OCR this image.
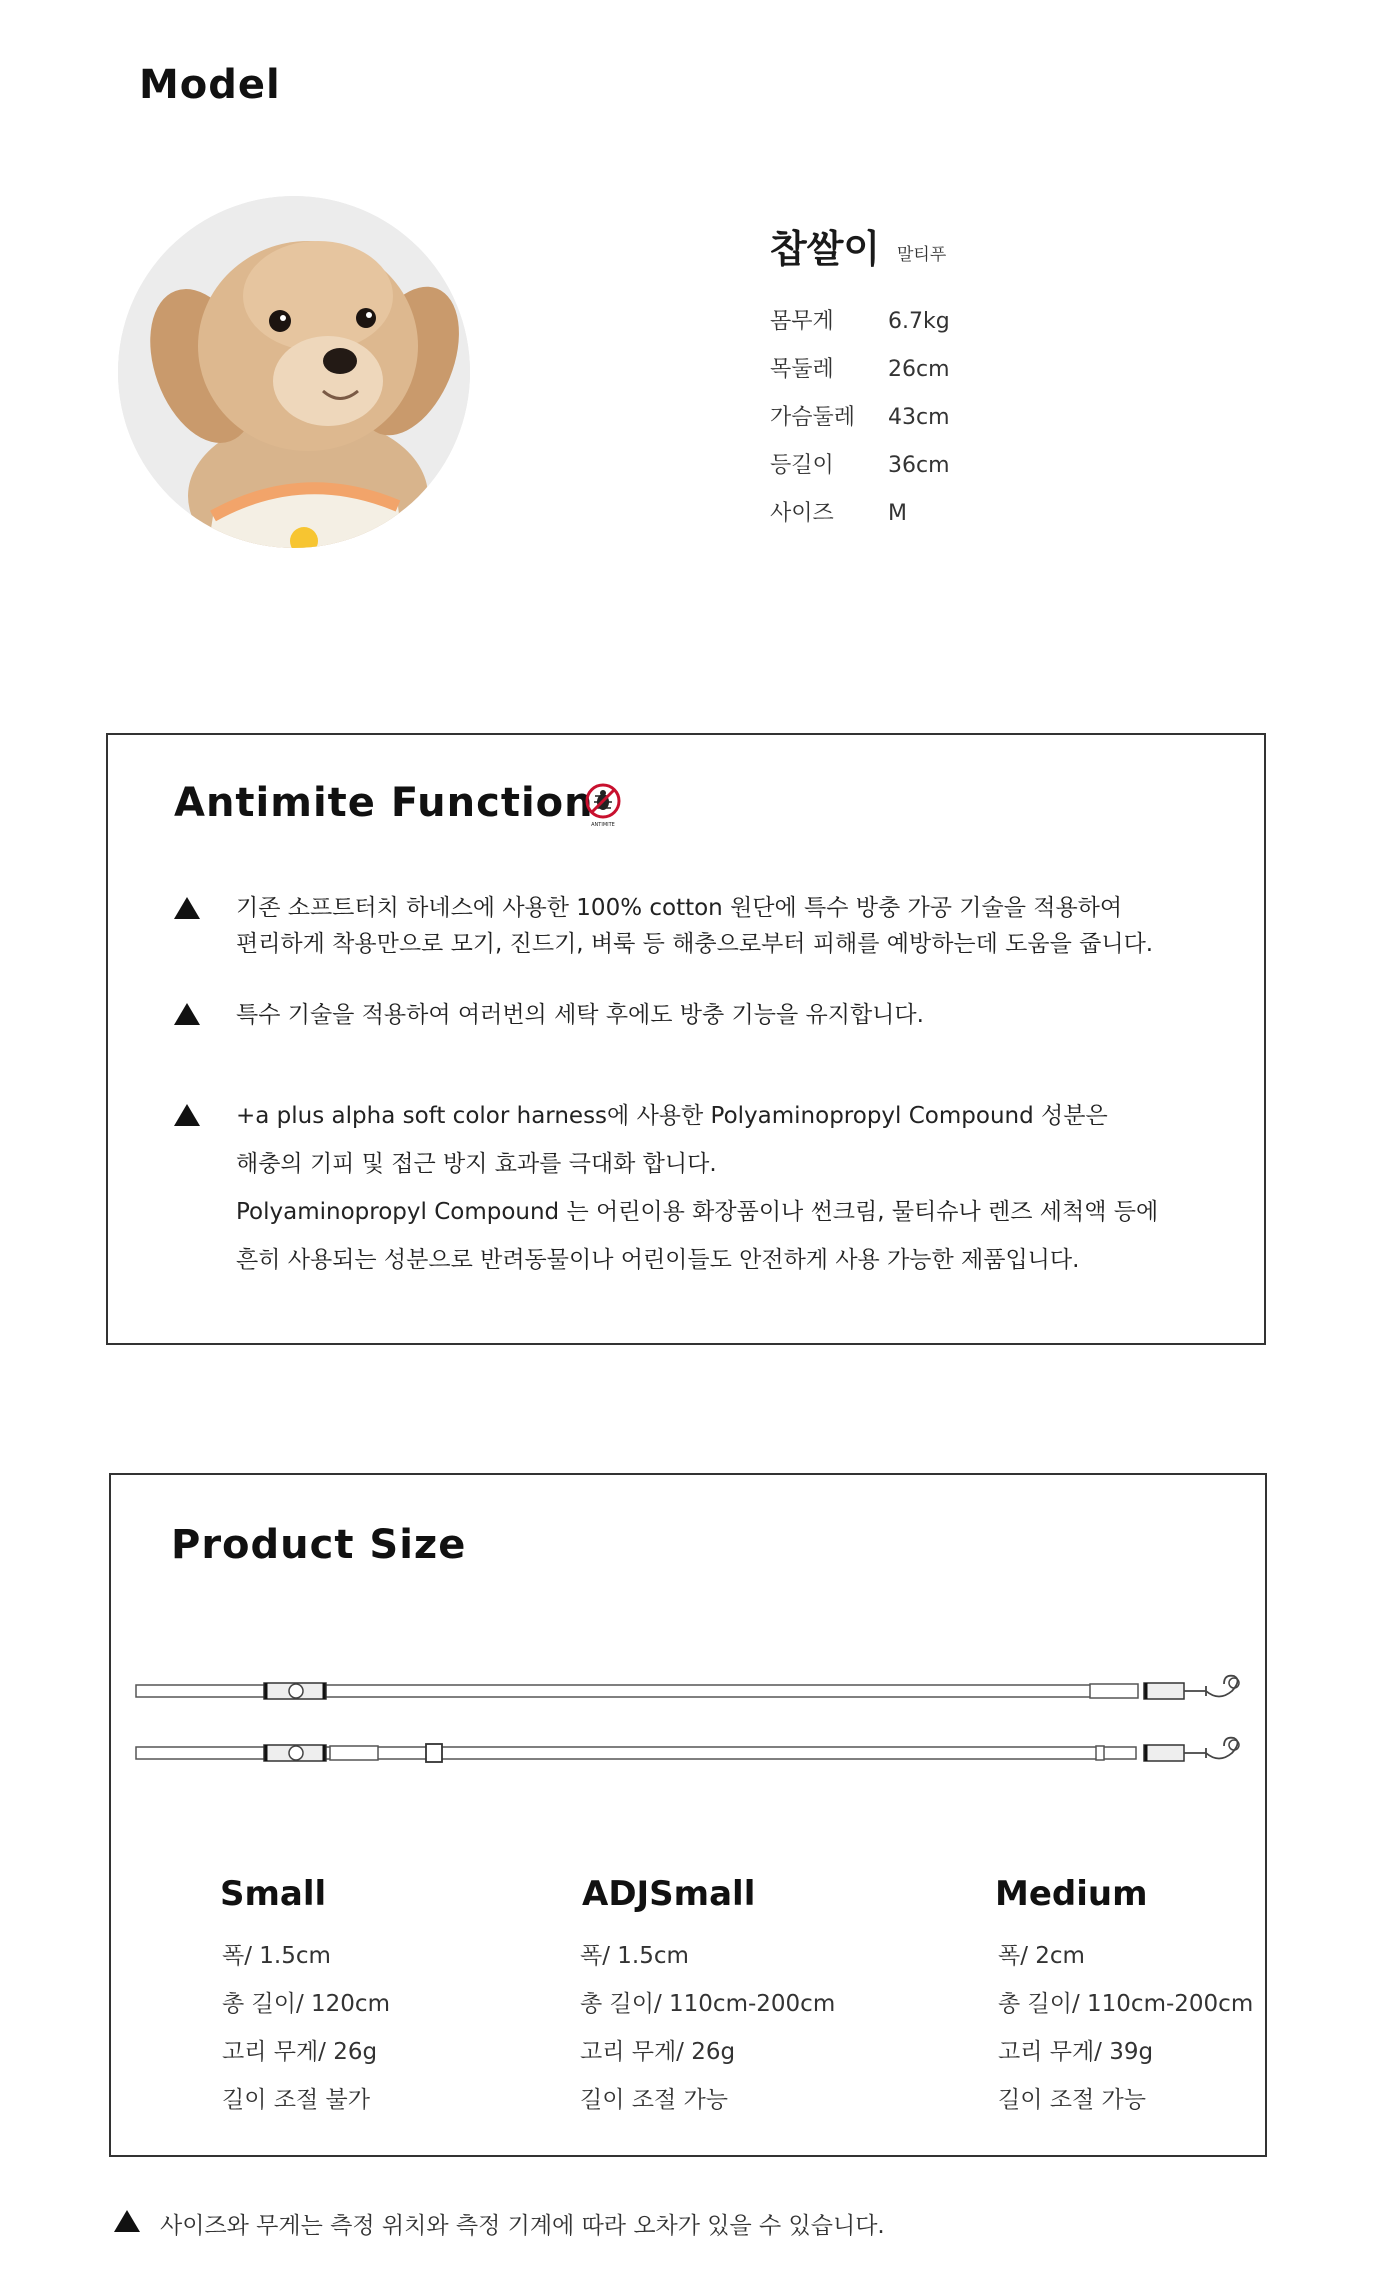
Model
찹쌀이 말티푸
몸무게 6.7kg
목둘레 26cm
가슴둘레 43cm
등길이 36cm
사이즈 M
Antimite Function
ANTIMITE
기존 소프트터치 하네스에 사용한 100% cotton 원단에 특수 방충 가공 기술을 적용하여
편리하게 착용만으로 모기, 진드기, 벼룩 등 해충으로부터 피해를 예방하는데 도움을 줍니다.
특수 기술을 적용하여 여러번의 세탁 후에도 방충 기능을 유지합니다.
+a plus alpha soft color harness에 사용한 Polyaminopropyl Compound 성분은
해충의 기피 및 접근 방지 효과를 극대화 합니다.
Polyaminopropyl Compound 는 어린이용 화장품이나 썬크림, 물티슈나 렌즈 세척액 등에
흔히 사용되는 성분으로 반려동물이나 어린이들도 안전하게 사용 가능한 제품입니다.
Product Size
Small
폭/ 1.5cm
총 길이/ 120cm
고리 무게/ 26g
길이 조절 불가
ADJSmall
폭/ 1.5cm
총 길이/ 110cm-200cm
고리 무게/ 26g
길이 조절 가능
Medium
폭/ 2cm
총 길이/ 110cm-200cm
고리 무게/ 39g
길이 조절 가능
사이즈와 무게는 측정 위치와 측정 기계에 따라 오차가 있을 수 있습니다.
